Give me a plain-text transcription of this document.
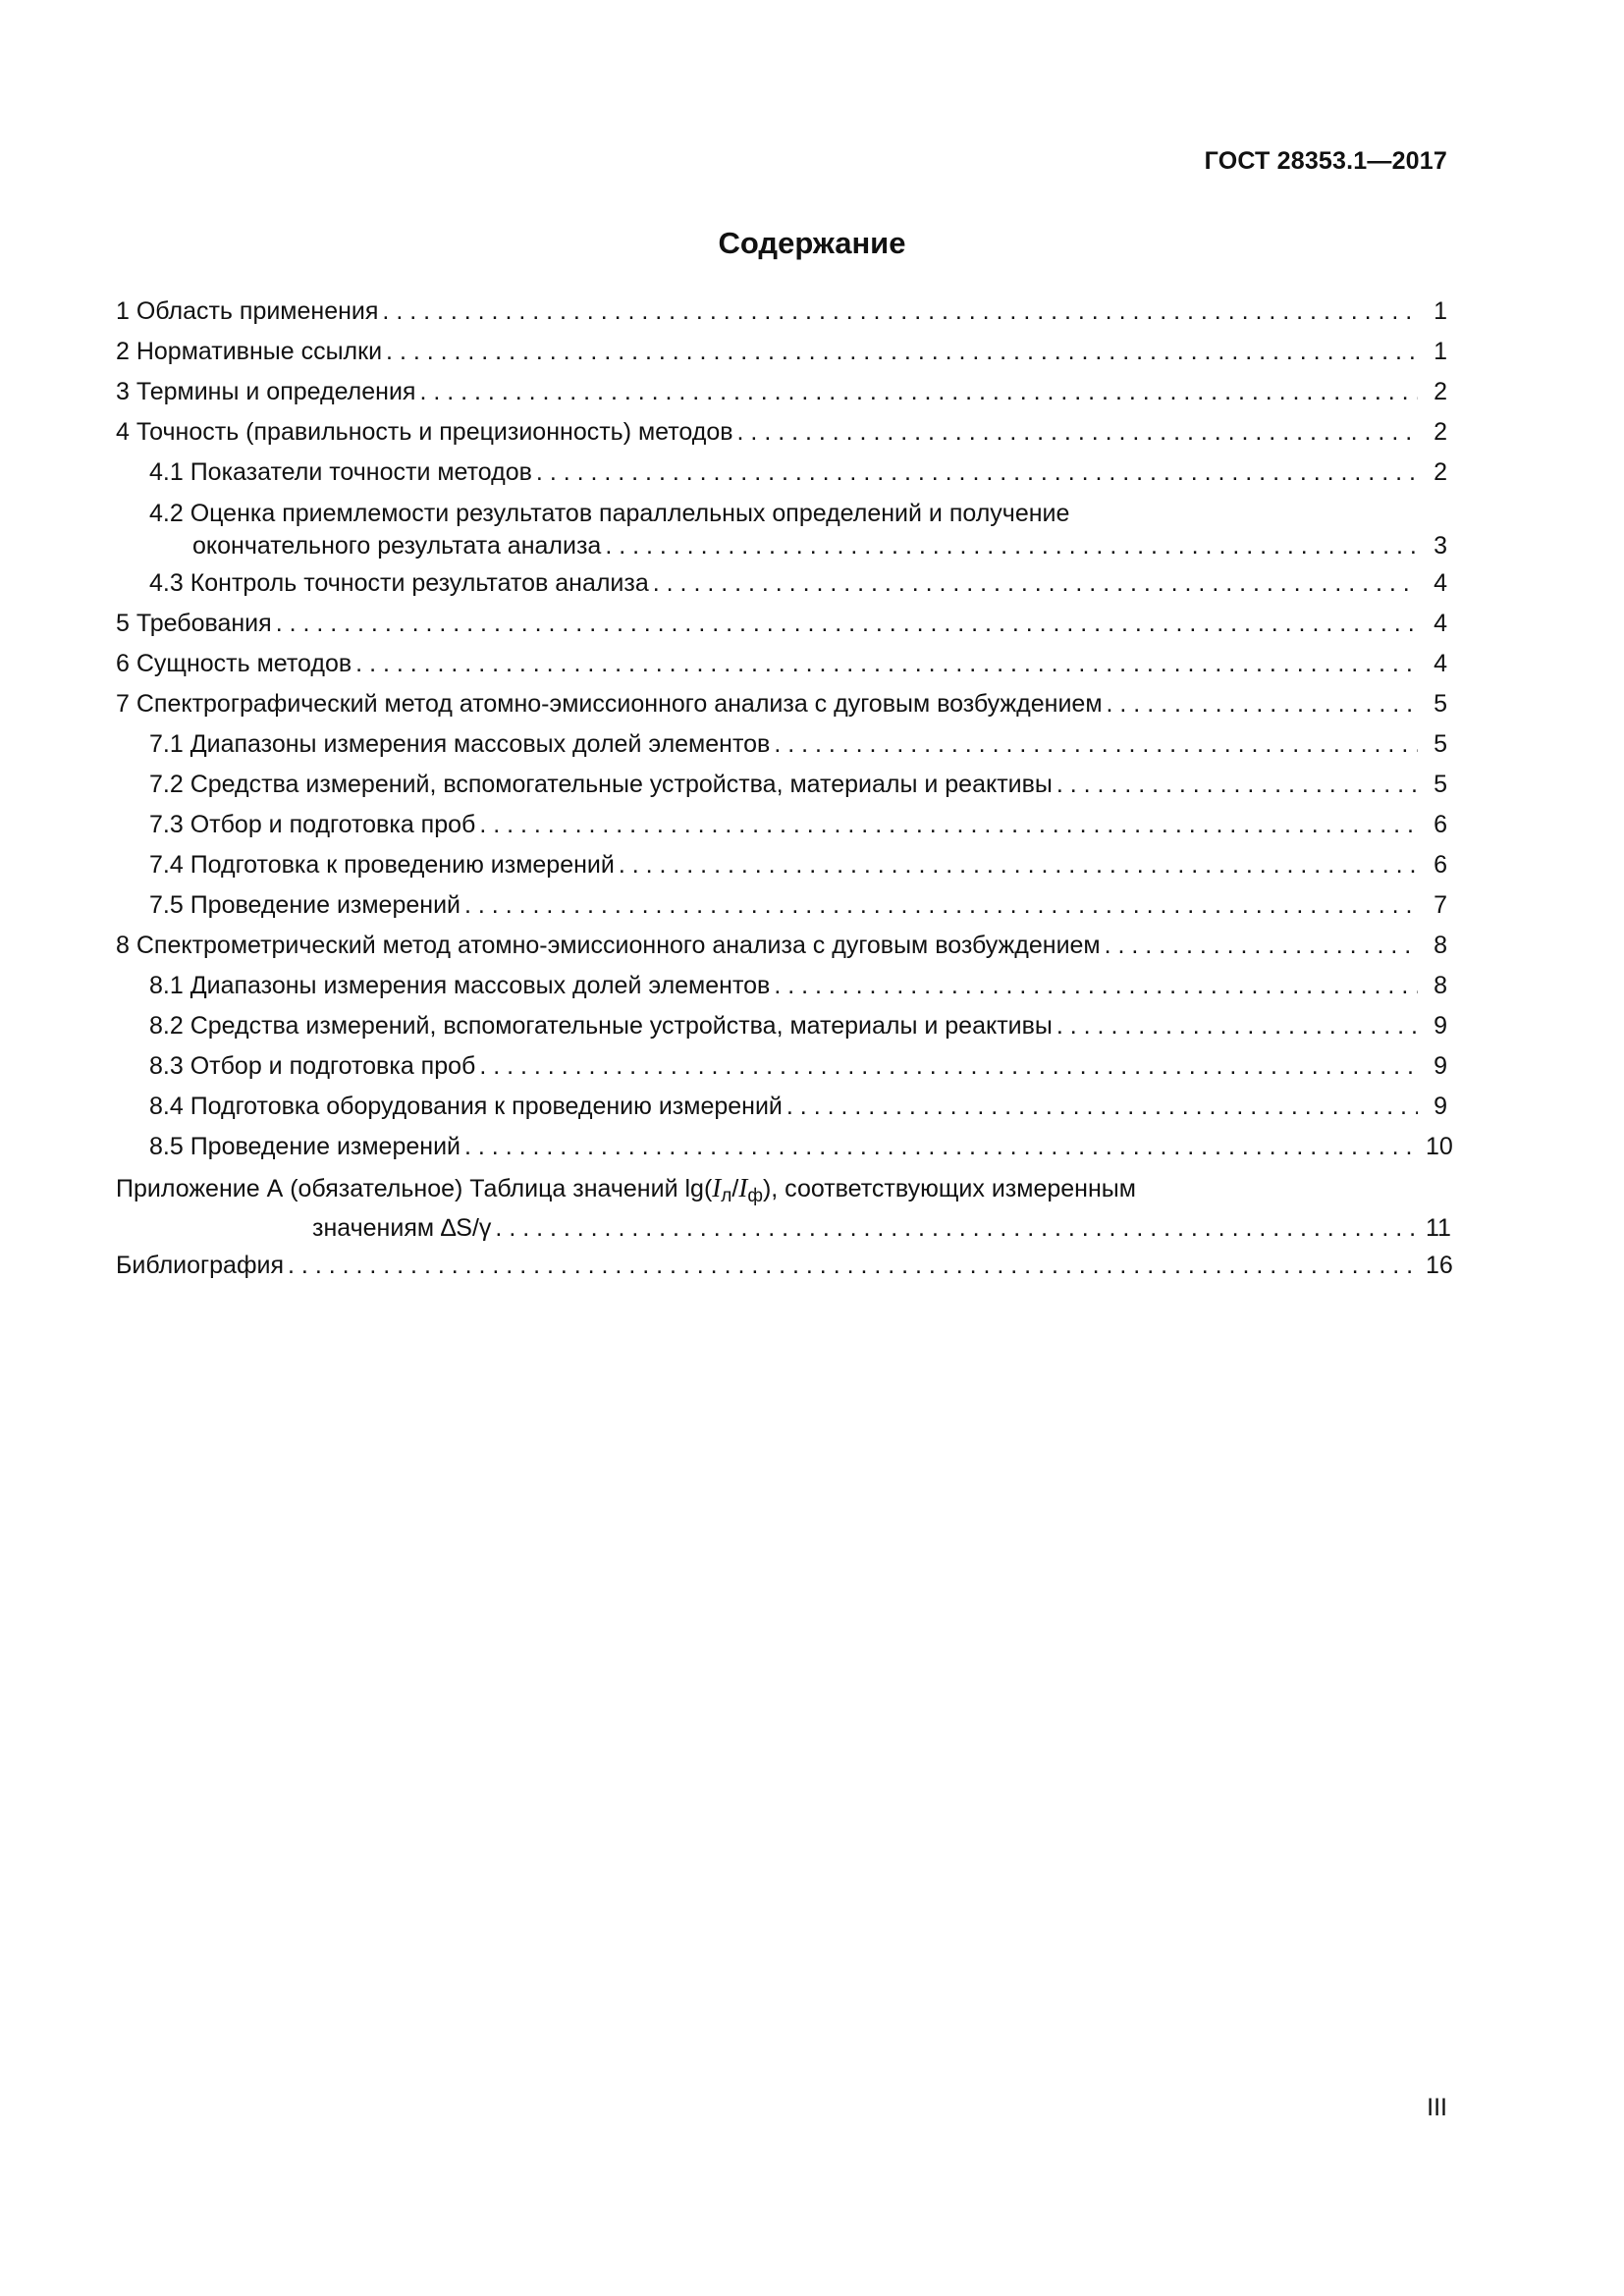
ГОСТ 28353.1—2017
Содержание
1 Область применения . . .	1
2 Нормативные ссылки . . .	1
3 Термины и определения . . .	2
4 Точность (правильность и прецизионность) методов . . .	2
4.1 Показатели точности методов . . .	2
4.2 Оценка приемлемости результатов параллельных определений и получение
окончательного результата анализа . . .	3
4.3 Контроль точности результатов анализа . . .	4
5 Требования . . .	4
6 Сущность методов . . .	4
7 Спектрографический метод атомно-эмиссионного анализа с дуговым возбуждением . . .	5
7.1 Диапазоны измерения массовых долей элементов . . .	5
7.2 Средства измерений, вспомогательные устройства, материалы и реактивы . . .	5
7.3 Отбор и подготовка проб . . .	6
7.4 Подготовка к проведению измерений . . .	6
7.5 Проведение измерений . . .	7
8 Спектрометрический метод атомно-эмиссионного анализа с дуговым возбуждением . . .	8
8.1 Диапазоны измерения массовых долей элементов . . .	8
8.2 Средства измерений, вспомогательные устройства, материалы и реактивы . . .	9
8.3 Отбор и подготовка проб . . .	9
8.4 Подготовка оборудования к проведению измерений . . .	9
8.5 Проведение измерений . . .	10
Приложение А (обязательное) Таблица значений $\lg(I_л/I_ф)$, соответствующих измеренным
значениям ∆S/γ . . .	11
Библиография . . .	16
III
